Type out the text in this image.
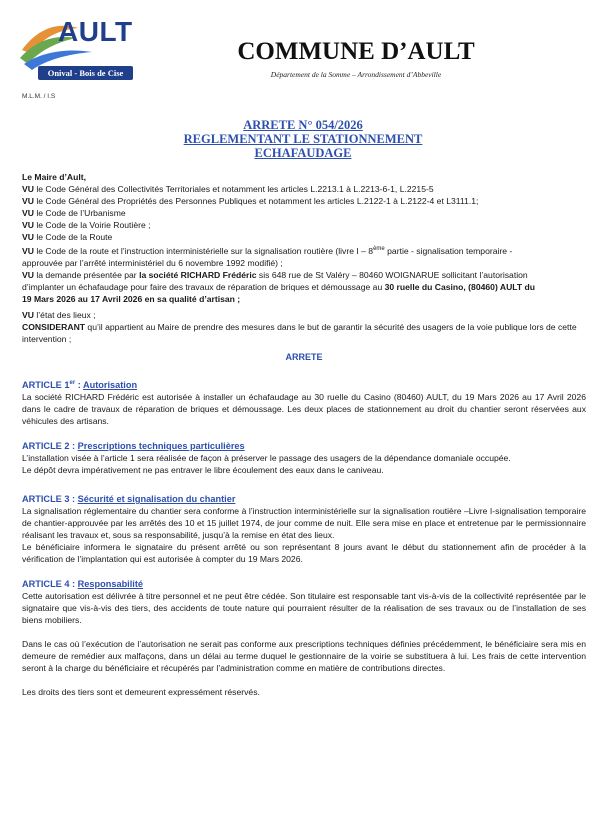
AULT
Onival - Bois de Cise
COMMUNE D’AULT
Département de la Somme – Arrondissement d’Abbeville
M.L.M. / I.S
ARRETE N° 054/2026
REGLEMENTANT LE STATIONNEMENT
ECHAFAUDAGE

Le Maire d’Ault,

VU le Code Général des Collectivités Territoriales et notamment les articles L.2213.1 à L.2213-6-1, L.2215-5

VU le Code Général des Propriétés des Personnes Publiques et notamment les articles L.2122-1 à L.2122-4 et L3111.1;

VU le Code de l’Urbanisme

VU le Code de la Voirie Routière ;

VU le Code de la Route

VU le Code de la route et l’instruction interministérielle sur la signalisation routière (livre I – 8ème partie - signalisation temporaire -
approuvée par l’arrêté interministériel du 6 novembre 1992 modifié) ;

VU la demande présentée par la société RICHARD Frédéric sis 648 rue de St Valéry – 80460 WOIGNARUE sollicitant l’autorisation
d’implanter un échafaudage pour faire des travaux de réparation de briques et démoussage au 30 ruelle du Casino, (80460) AULT du
19 Mars 2026 au 17 Avril 2026 en sa qualité d’artisan ;

VU l’état des lieux ;

CONSIDERANT qu’il appartient au Maire de prendre des mesures dans le but de garantir la sécurité des usagers de la voie publique lors de cette intervention ;

ARRETE

ARTICLE 1er : Autorisation

La société RICHARD Frédéric est autorisée à installer un échafaudage au 30 ruelle du Casino (80460) AULT, du 19 Mars 2026 au 17 Avril 2026 dans le cadre de travaux de réparation de briques et démoussage. Les deux places de stationnement au droit du chantier seront réservées aux véhicules des artisans.

ARTICLE 2 : Prescriptions techniques particulières

L’installation visée à l’article 1 sera réalisée de façon à préserver le passage des usagers de la dépendance domaniale occupée.

Le dépôt devra impérativement ne pas entraver le libre écoulement des eaux dans le caniveau.

ARTICLE 3 : Sécurité et signalisation du chantier

La signalisation réglementaire du chantier sera conforme à l’instruction interministérielle sur la signalisation routière –Livre I-signalisation temporaire de chantier-approuvée par les arrêtés des 10 et 15 juillet 1974, de jour comme de nuit. Elle sera mise en place et entretenue par le permissionnaire réalisant les travaux et, sous sa responsabilité, jusqu’à la remise en état des lieux.

Le bénéficiaire informera le signataire du présent arrêté ou son représentant 8 jours avant le début du stationnement afin de procéder à la vérification de l’implantation qui est autorisée à compter du 19 Mars 2026.

ARTICLE 4 : Responsabilité

Cette autorisation est délivrée à titre personnel et ne peut être cédée. Son titulaire est responsable tant vis-à-vis de la collectivité représentée par le signataire que vis-à-vis des tiers, des accidents de toute nature qui pourraient résulter de la réalisation de ses travaux ou de l’installation de ses biens mobiliers.

Dans le cas où l’exécution de l’autorisation ne serait pas conforme aux prescriptions techniques définies précédemment, le bénéficiaire sera mis en demeure de remédier aux malfaçons, dans un délai au terme duquel le gestionnaire de la voirie se substituera à lui. Les frais de cette intervention seront à la charge du bénéficiaire et récupérés par l’administration comme en matière de contributions directes.

Les droits des tiers sont et demeurent expressément réservés.
